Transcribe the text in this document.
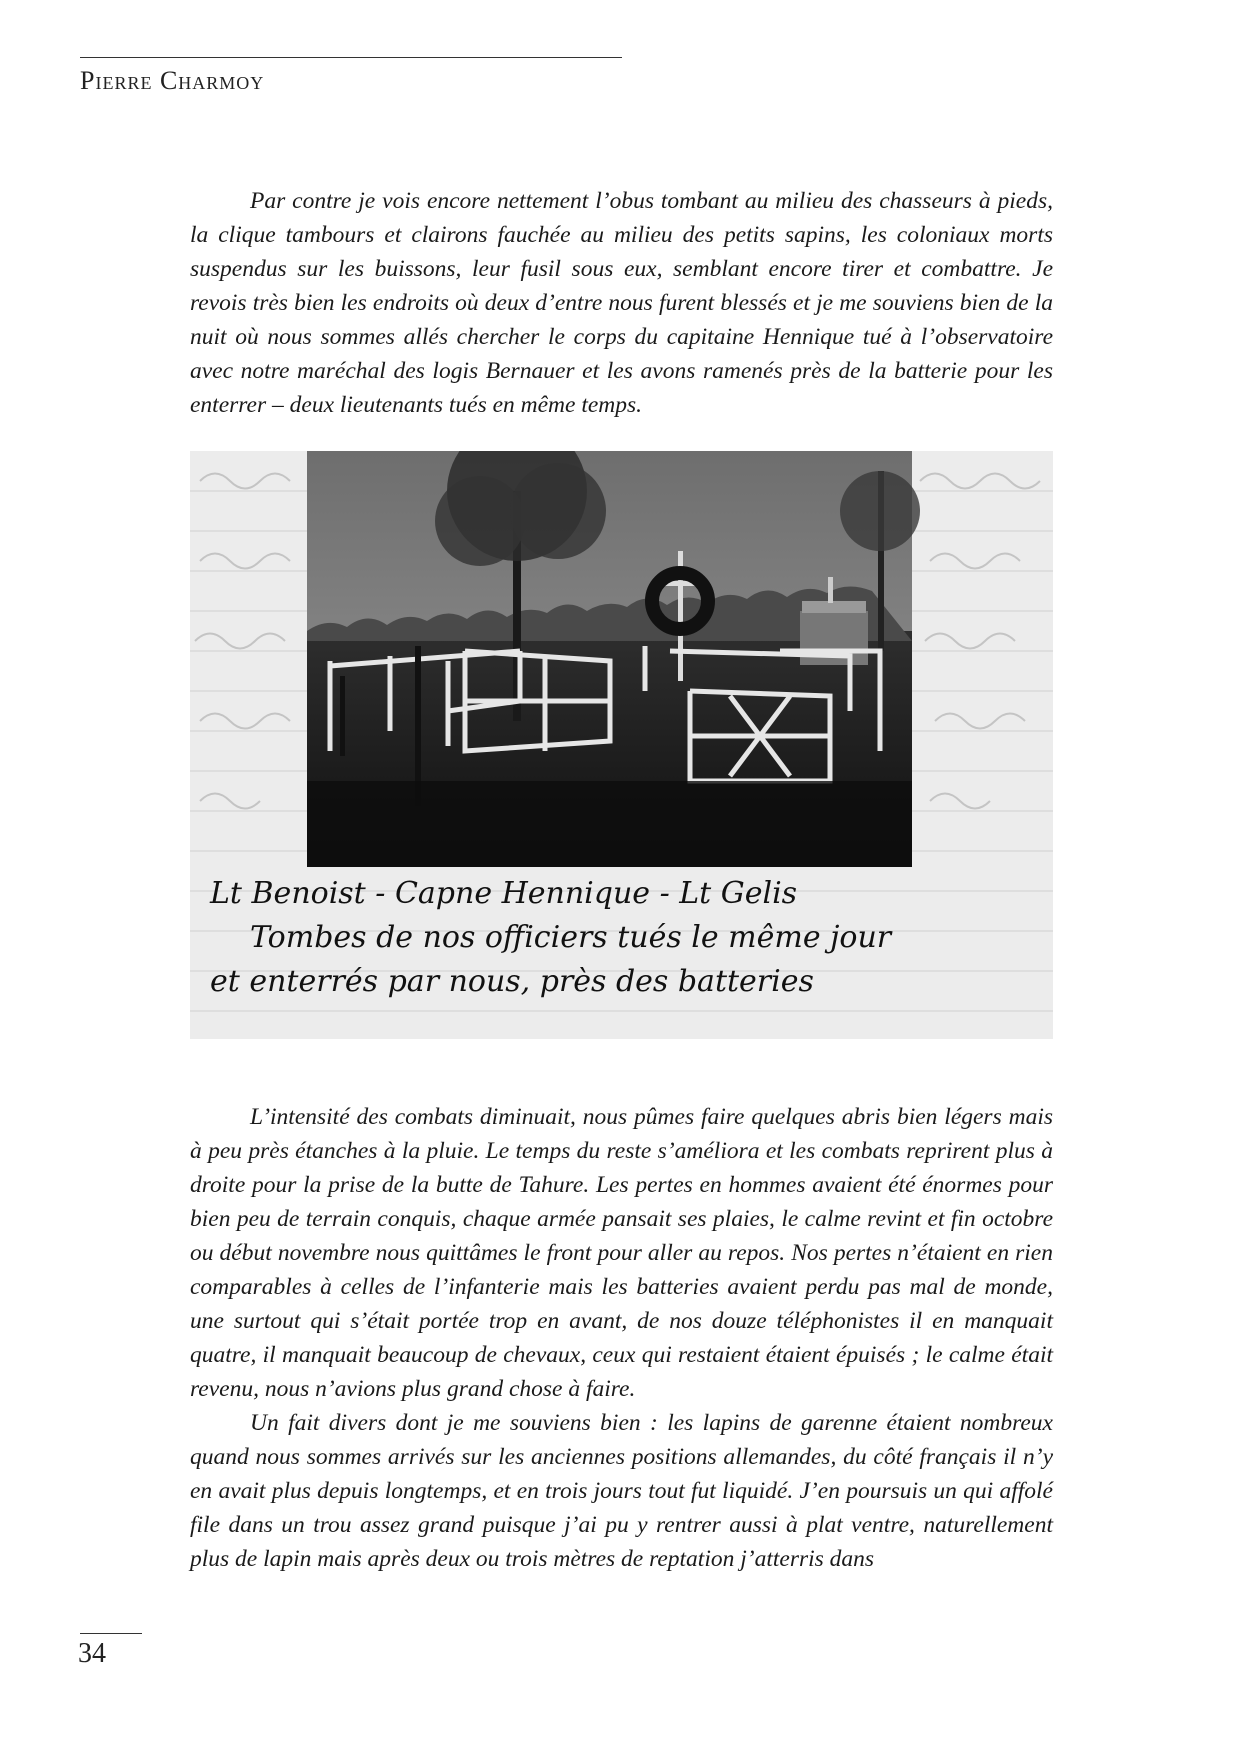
Pierre Charmoy

Par contre je vois encore nettement l’obus tombant au milieu des chasseurs à pieds, la clique tambours et clairons fauchée au milieu des petits sapins, les coloniaux morts suspendus sur les buissons, leur fusil sous eux, semblant encore tirer et combattre. Je revois très bien les endroits où deux d’entre nous furent blessés et je me souviens bien de la nuit où nous sommes allés chercher le corps du capitaine Hennique tué à l’observatoire avec notre maréchal des logis Bernauer et les avons ramenés près de la batterie pour les enterrer – deux lieutenants tués en même temps.

Lt Benoist - Capne Hennique - Lt Gelis
Tombes de nos officiers tués le même jour
et enterrés par nous, près des batteries

L’intensité des combats diminuait, nous pûmes faire quelques abris bien légers mais à peu près étanches à la pluie. Le temps du reste s’améliora et les combats reprirent plus à droite pour la prise de la butte de Tahure. Les pertes en hommes avaient été énormes pour bien peu de terrain conquis, chaque armée pansait ses plaies, le calme revint et fin octobre ou début novembre nous quittâmes le front pour aller au repos. Nos pertes n’étaient en rien comparables à celles de l’infanterie mais les batteries avaient perdu pas mal de monde, une surtout qui s’était portée trop en avant, de nos douze téléphonistes il en manquait quatre, il manquait beaucoup de chevaux, ceux qui restaient étaient épuisés ; le calme était revenu, nous n’avions plus grand chose à faire.

Un fait divers dont je me souviens bien : les lapins de garenne étaient nombreux quand nous sommes arrivés sur les anciennes positions allemandes, du côté français il n’y en avait plus depuis longtemps, et en trois jours tout fut liquidé. J’en poursuis un qui affolé file dans un trou assez grand puisque j’ai pu y rentrer aussi à plat ventre, naturellement plus de lapin mais après deux ou trois mètres de reptation j’atterris dans

34
